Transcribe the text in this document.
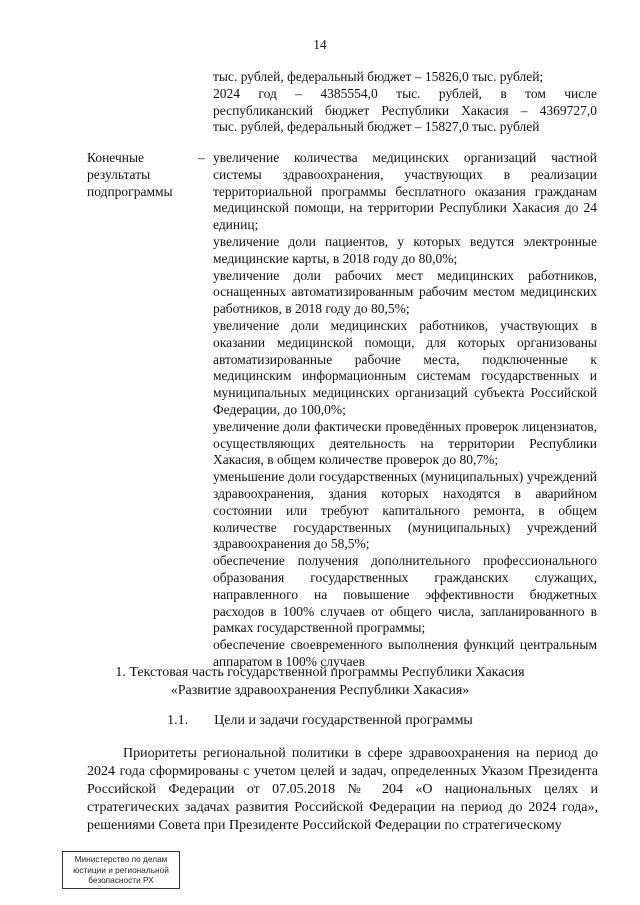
14
тыс. рублей, федеральный бюджет – 15826,0 тыс. рублей;
2024 год – 4385554,0 тыс. рублей, в том числе
республиканский бюджет Республики Хакасия – 4369727,0
тыс. рублей, федеральный бюджет – 15827,0 тыс. рублей
Конечные
результаты
подпрограммы
– увеличение количества медицинских организаций частной системы здравоохранения, участвующих в реализации территориальной программы бесплатного оказания гражданам медицинской помощи, на территории Республики Хакасия до 24 единиц;
увеличение доли пациентов, у которых ведутся электронные медицинские карты, в 2018 году до 80,0%;
увеличение доли рабочих мест медицинских работников, оснащенных автоматизированным рабочим местом медицинских работников, в 2018 году до 80,5%;
увеличение доли медицинских работников, участвующих в оказании медицинской помощи, для которых организованы автоматизированные рабочие места, подключенные к медицинским информационным системам государственных и муниципальных медицинских организаций субъекта Российской Федерации, до 100,0%;
увеличение доли фактически проведённых проверок лицензиатов, осуществляющих деятельность на территории Республики Хакасия, в общем количестве проверок до 80,7%;
уменьшение доли государственных (муниципальных) учреждений здравоохранения, здания которых находятся в аварийном состоянии или требуют капитального ремонта, в общем количестве государственных (муниципальных) учреждений здравоохранения до 58,5%;
обеспечение получения дополнительного профессионального образования государственных гражданских служащих, направленного на повышение эффективности бюджетных расходов в 100% случаев от общего числа, запланированного в рамках государственной программы;
обеспечение своевременного выполнения функций центральным аппаратом в 100% случаев
1. Текстовая часть государственной программы Республики Хакасия
«Развитие здравоохранения Республики Хакасия»
1.1. Цели и задачи государственной программы
Приоритеты региональной политики в сфере здравоохранения на период до 2024 года сформированы с учетом целей и задач, определенных Указом Президента Российской Федерации от 07.05.2018 № 204 «О национальных целях и стратегических задачах развития Российской Федерации на период до 2024 года», решениями Совета при Президенте Российской Федерации по стратегическому
Министерство по делам
юстиции и региональной
безопасности РХ
